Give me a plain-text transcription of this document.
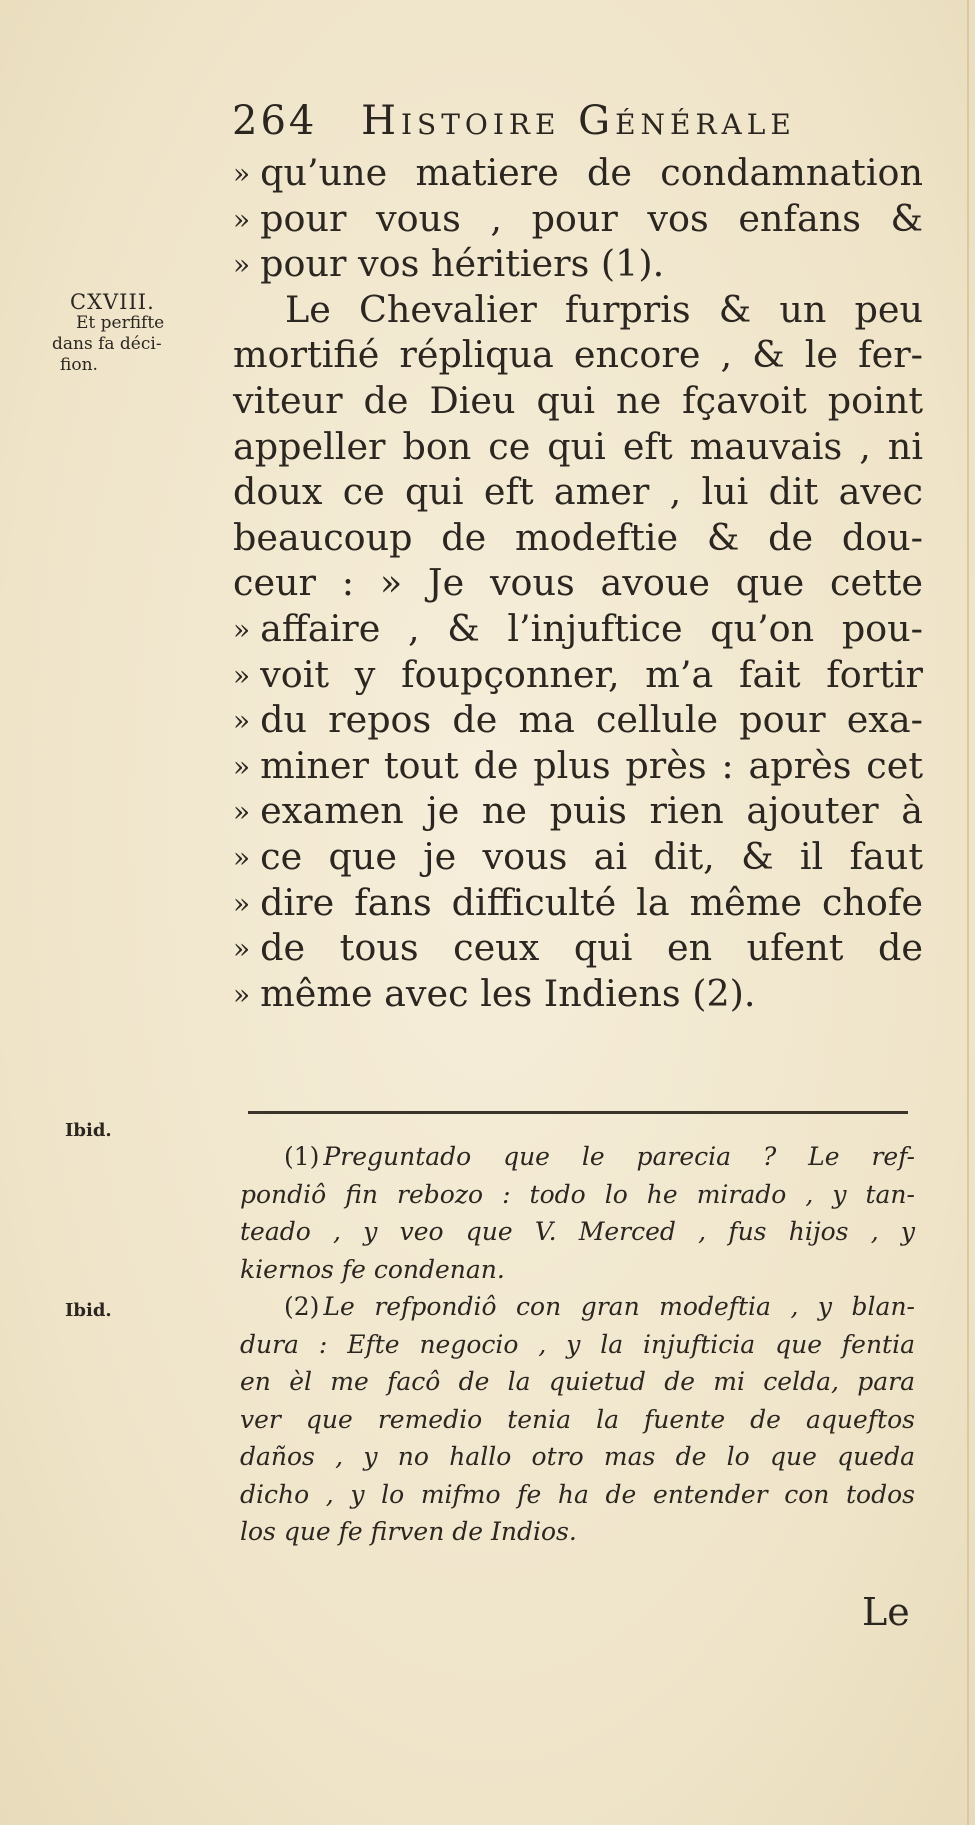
264 Histoire Générale
CXVIII.
Et perfifte
dans fa déci-
fion.
» qu’une matiere de condamnation
» pour vous , pour vos enfans &
» pour vos héritiers (1).
Le Chevalier furpris & un peu
mortifié répliqua encore , & le fer-
viteur de Dieu qui ne fçavoit point
appeller bon ce qui eft mauvais , ni
doux ce qui eft amer , lui dit avec
beaucoup de modeftie & de dou-
ceur : » Je vous avoue que cette
» affaire , & l’injuftice qu’on pou-
» voit y foupçonner, m’a fait fortir
» du repos de ma cellule pour exa-
» miner tout de plus près : après cet
» examen je ne puis rien ajouter à
» ce que je vous ai dit, & il faut
» dire fans difficulté la même chofe
» de tous ceux qui en ufent de
» même avec les Indiens (2).
Ibid.
Ibid.
(1) Preguntado que le parecia ? Le ref-
pondiô fin rebozo : todo lo he mirado , y tan-
teado , y veo que V. Merced , fus hijos , y
kiernos fe condenan.
(2) Le refpondiô con gran modeftia , y blan-
dura : Efte negocio , y la injufticia que fentia
en èl me facô de la quietud de mi celda, para
ver que remedio tenia la fuente de aqueftos
daños , y no hallo otro mas de lo que queda
dicho , y lo mifmo fe ha de entender con todos
los que fe firven de Indios.
Le
